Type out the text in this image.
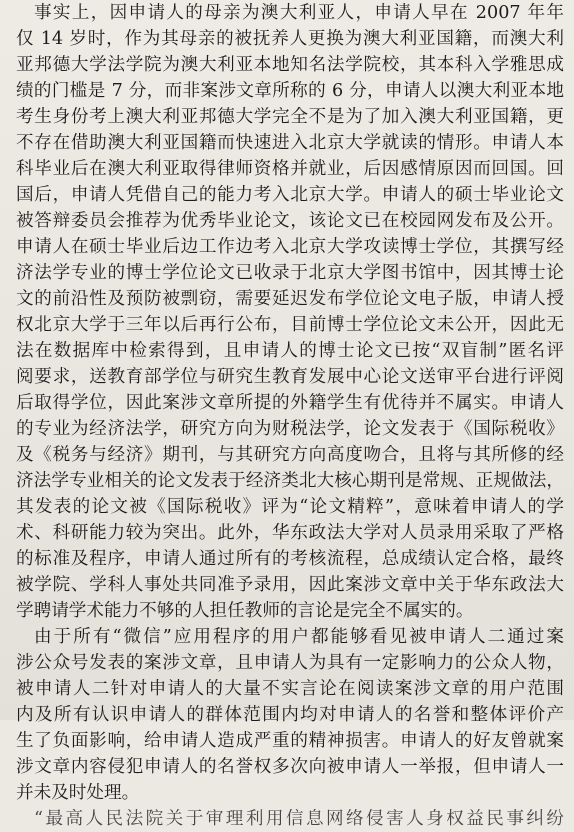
事实上，因申请人的母亲为澳大利亚人，申请人早在 2007 年年
仅 14 岁时，作为其母亲的被抚养人更换为澳大利亚国籍，而澳大利
亚邦德大学法学院为澳大利亚本地知名法学院校，其本科入学雅思成
绩的门槛是 7 分，而非案涉文章所称的 6 分，申请人以澳大利亚本地
考生身份考上澳大利亚邦德大学完全不是为了加入澳大利亚国籍，更
不存在借助澳大利亚国籍而快速进入北京大学就读的情形。申请人本
科毕业后在澳大利亚取得律师资格并就业，后因感情原因而回国。回
国后，申请人凭借自己的能力考入北京大学。申请人的硕士毕业论文
被答辩委员会推荐为优秀毕业论文，该论文已在校园网发布及公开。
申请人在硕士毕业后边工作边考入北京大学攻读博士学位，其撰写经
济法学专业的博士学位论文已收录于北京大学图书馆中，因其博士论
文的前沿性及预防被剽窃，需要延迟发布学位论文电子版，申请人授
权北京大学于三年以后再行公布，目前博士学位论文未公开，因此无
法在数据库中检索得到，且申请人的博士论文已按“双盲制”匿名评
阅要求，送教育部学位与研究生教育发展中心论文送审平台进行评阅
后取得学位，因此案涉文章所提的外籍学生有优待并不属实。申请人
的专业为经济法学，研究方向为财税法学，论文发表于《国际税收》
及《税务与经济》期刊，与其研究方向高度吻合，且将与其所修的经
济法学专业相关的论文发表于经济类北大核心期刊是常规、正规做法，
其发表的论文被《国际税收》评为“论文精粹”，意味着申请人的学
术、科研能力较为突出。此外，华东政法大学对人员录用采取了严格
的标准及程序，申请人通过所有的考核流程，总成绩认定合格，最终
被学院、学科人事处共同准予录用，因此案涉文章中关于华东政法大
学聘请学术能力不够的人担任教师的言论是完全不属实的。
由于所有“微信”应用程序的用户都能够看见被申请人二通过案
涉公众号发表的案涉文章，且申请人为具有一定影响力的公众人物，
被申请人二针对申请人的大量不实言论在阅读案涉文章的用户范围
内及所有认识申请人的群体范围内均对申请人的名誉和整体评价产
生了负面影响，给申请人造成严重的精神损害。申请人的好友曾就案
涉文章内容侵犯申请人的名誉权多次向被申请人一举报，但申请人一
并未及时处理。
“最高人民法院关于审理利用信息网络侵害人身权益民事纠纷
